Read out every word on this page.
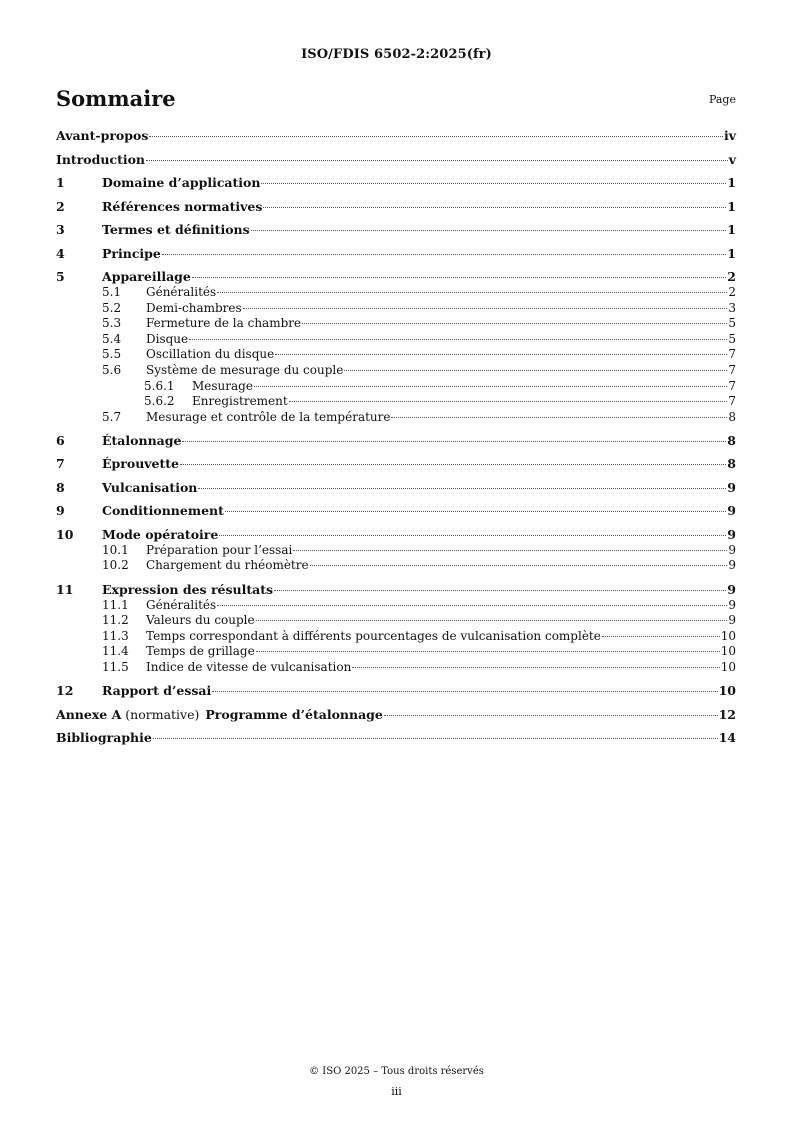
ISO/FDIS 6502-2:2025(fr)
Sommaire	Page
Avant-propos	iv
Introduction	v
1	Domaine d’application	1
2	Références normatives	1
3	Termes et définitions	1
4	Principe	1
5	Appareillage	2
5.1	Généralités	2
5.2	Demi-chambres	3
5.3	Fermeture de la chambre	5
5.4	Disque	5
5.5	Oscillation du disque	7
5.6	Système de mesurage du couple	7
5.6.1	Mesurage	7
5.6.2	Enregistrement	7
5.7	Mesurage et contrôle de la température	8
6	Étalonnage	8
7	Éprouvette	8
8	Vulcanisation	9
9	Conditionnement	9
10	Mode opératoire	9
10.1	Préparation pour l’essai	9
10.2	Chargement du rhéomètre	9
11	Expression des résultats	9
11.1	Généralités	9
11.2	Valeurs du couple	9
11.3	Temps correspondant à différents pourcentages de vulcanisation complète	10
11.4	Temps de grillage	10
11.5	Indice de vitesse de vulcanisation	10
12	Rapport d’essai	10
Annexe A (normative) Programme d’étalonnage	12
Bibliographie	14
© ISO 2025 – Tous droits réservés
iii
